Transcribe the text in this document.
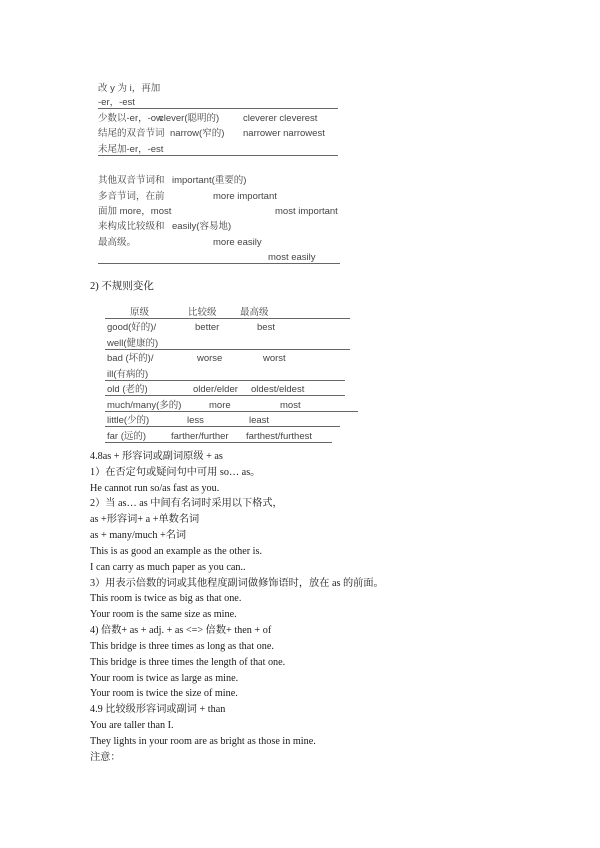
改 y 为 i，再加
-er，-est
少数以-er，-ow
clever(聪明的)	cleverer cleverest
结尾的双音节词 narrow(窄的) narrower narrowest
未尾加-er，-est
其他双音节词和 important(重要的)
多音节词，在前	more important
面加 more，most	most important
来构成比较级和 easily(容易地)
最高级。	more easily
most easily
2) 不规则变化
原级	比较级 最高级
good(好的)/	better	best
well(健康的)
bad (坏的)/	worse	worst
ill(有病的)
old (老的)	older/elder oldest/eldest
much/many(多的)	more	most
little(少的)	less	least
far (远的)	farther/further farthest/furthest
4.8as + 形容词或副词原级 + as
1）在否定句或疑问句中可用 so… as。
He cannot run so/as fast as you.
2）当 as… as 中间有名词时采用以下格式，
as +形容词+ a +单数名词
as + many/much +名词
This is as good an example as the other is.
I can carry as much paper as you can..
3）用表示倍数的词或其他程度副词做修饰语时，放在 as 的前面。
This room is twice as big as that one.
Your room is the same size as mine.
4) 倍数+ as + adj. + as <=> 倍数+ then + of
This bridge is three times as long as that one.
This bridge is three times the length of that one.
Your room is twice as large as mine.
Your room is twice the size of mine.
4.9 比较级形容词或副词 + than
You are taller than I.
They lights in your room are as bright as those in mine.
注意：
